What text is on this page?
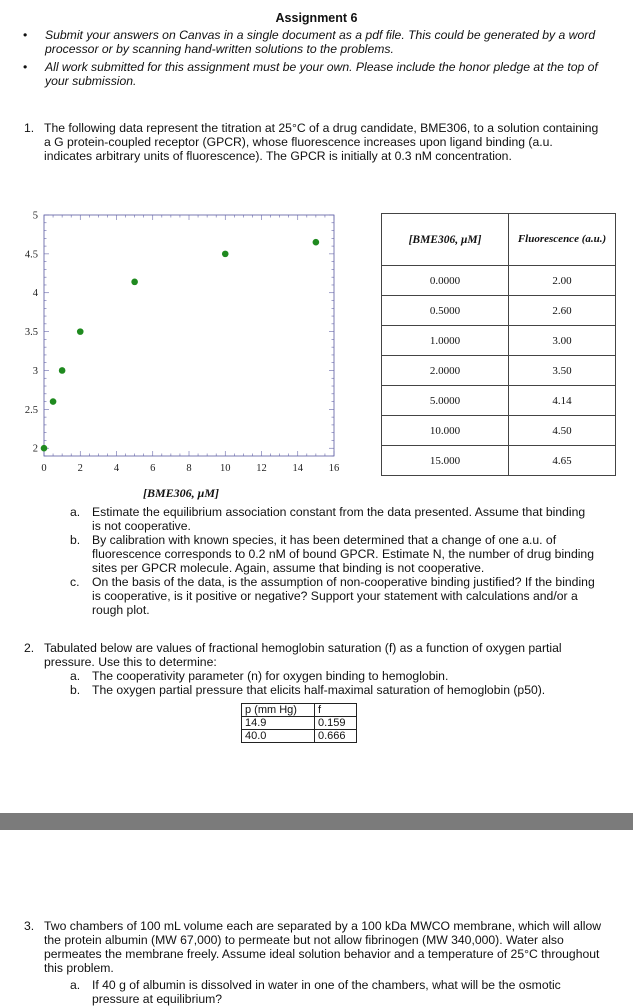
Assignment 6
• Submit your answers on Canvas in a single document as a pdf file. This could be generated by a word processor or by scanning hand-written solutions to the problems.
• All work submitted for this assignment must be your own. Please include the honor pledge at the top of your submission.
1. The following data represent the titration at 25°C of a drug candidate, BME306, to a solution containing a G protein-coupled receptor (GPCR), whose fluorescence increases upon ligand binding (a.u. indicates arbitrary units of fluorescence). The GPCR is initially at 0.3 nM concentration.
0	2	4	6	8	10 12 14 16
2
2.5
3
3.5
4
4.5
5
[BME306, μM]	Fluorescence (a.u.)
0.0000	2.00
0.5000	2.60
1.0000	3.00
2.0000	3.50
5.0000	4.14
10.000	4.50
15.000	4.65
[BME306, μM]
a. Estimate the equilibrium association constant from the data presented. Assume that binding is not cooperative.
b. By calibration with known species, it has been determined that a change of one a.u. of fluorescence corresponds to 0.2 nM of bound GPCR. Estimate N, the number of drug binding sites per GPCR molecule. Again, assume that binding is not cooperative.
c. On the basis of the data, is the assumption of non-cooperative binding justified? If the binding is cooperative, is it positive or negative? Support your statement with calculations and/or a rough plot.
2. Tabulated below are values of fractional hemoglobin saturation (f) as a function of oxygen partial pressure. Use this to determine:
a. The cooperativity parameter (n) for oxygen binding to hemoglobin.
b. The oxygen partial pressure that elicits half-maximal saturation of hemoglobin (p50).
p (mm Hg)	f
14.9	0.159
40.0	0.666
3. Two chambers of 100 mL volume each are separated by a 100 kDa MWCO membrane, which will allow the protein albumin (MW 67,000) to permeate but not allow fibrinogen (MW 340,000). Water also permeates the membrane freely. Assume ideal solution behavior and a temperature of 25°C throughout this problem.
a. If 40 g of albumin is dissolved in water in one of the chambers, what will be the osmotic pressure at equilibrium?
